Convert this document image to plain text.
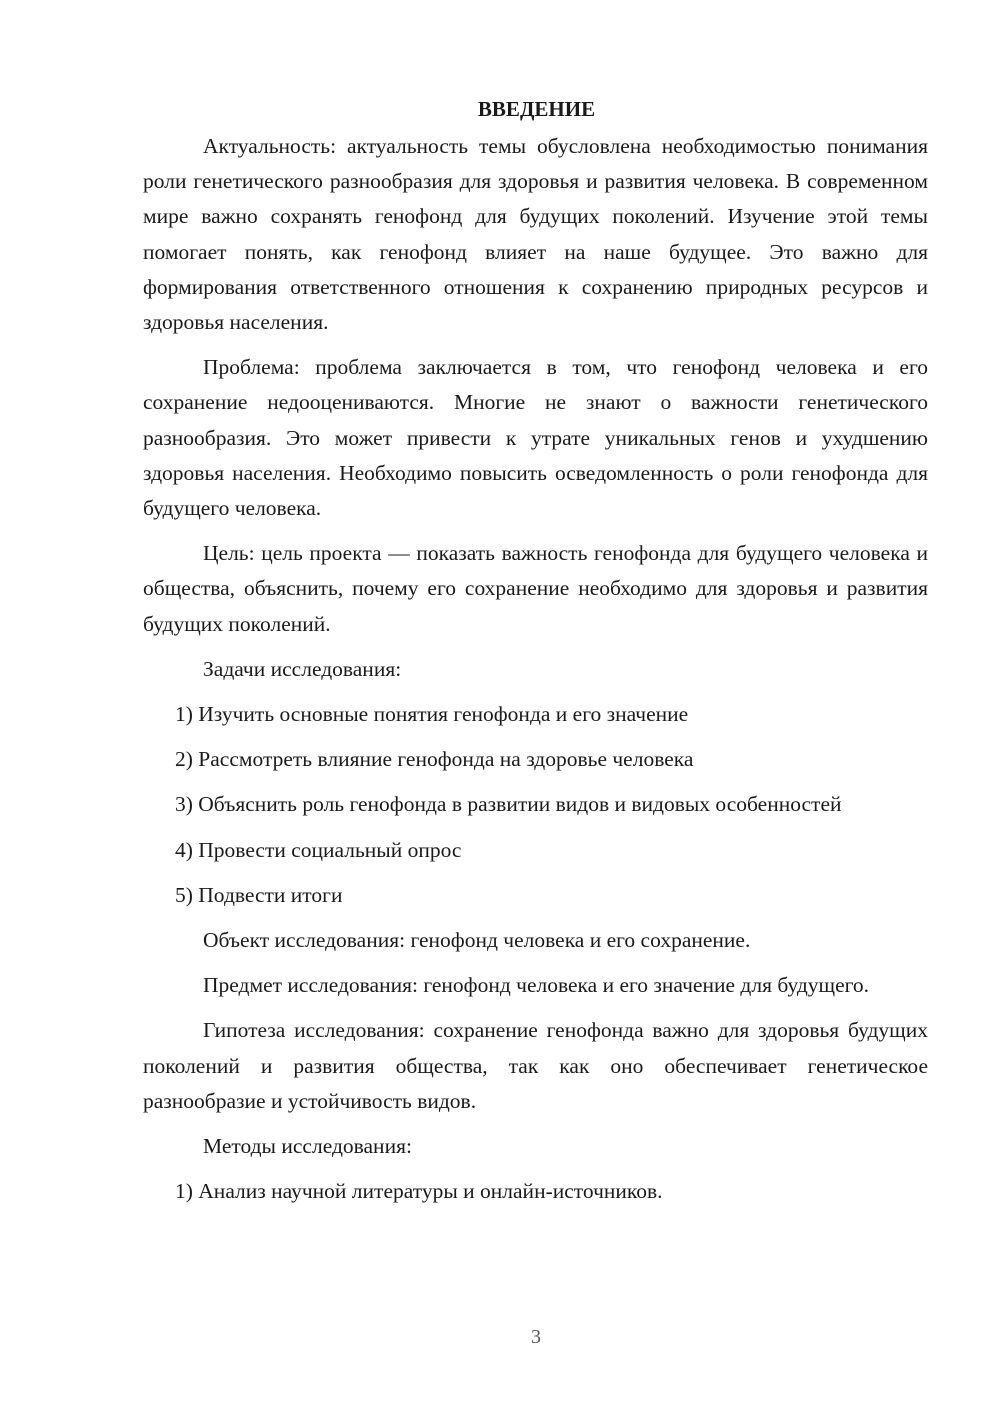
ВВЕДЕНИЕ

Актуальность: актуальность темы обусловлена необходимостью понимания роли генетического разнообразия для здоровья и развития человека. В современном мире важно сохранять генофонд для будущих поколений. Изучение этой темы помогает понять, как генофонд влияет на наше будущее. Это важно для формирования ответственного отношения к сохранению природных ресурсов и здоровья населения.

Проблема: проблема заключается в том, что генофонд человека и его сохранение недооцениваются. Многие не знают о важности генетического разнообразия. Это может привести к утрате уникальных генов и ухудшению здоровья населения. Необходимо повысить осведомленность о роли генофонда для будущего человека.

Цель: цель проекта — показать важность генофонда для будущего человека и общества, объяснить, почему его сохранение необходимо для здоровья и развития будущих поколений.

Задачи исследования:

1) Изучить основные понятия генофонда и его значение

2) Рассмотреть влияние генофонда на здоровье человека

3) Объяснить роль генофонда в развитии видов и видовых особенностей

4) Провести социальный опрос

5) Подвести итоги

Объект исследования: генофонд человека и его сохранение.

Предмет исследования: генофонд человека и его значение для будущего.

Гипотеза исследования: сохранение генофонда важно для здоровья будущих поколений и развития общества, так как оно обеспечивает генетическое разнообразие и устойчивость видов.

Методы исследования:

1) Анализ научной литературы и онлайн-источников.

3
